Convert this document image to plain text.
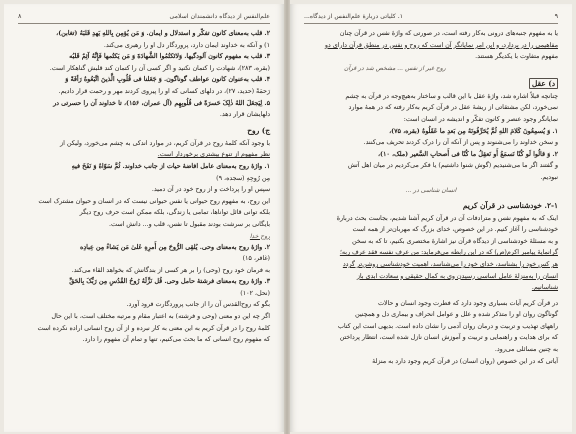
علم‌النفس از دیدگاه دانشمندان اسلامی
٨

۲. قلب به‌معنای کانون تفکّر و استدلال و ایمان. وَ مَن یُؤمِن بِاللهِ یَهدِ قَلبَهُ (تغابن)،

۱) و آنکه به خداوند ایمان دارد، پروردگار دل او را رهبری می‌کند.

۳. قلب به مفهوم کانون آلودگیها. وَلاتَکتُمُوا الشَّهادَةَ وَ مَن یَکتُمها فَإِنَّهُ آثِمٌ قَلبُه

(بقره، ۲۸۳)، شهادت را کتمان نکنید و اگر کسی آن را کتمان کند قلبش گناهکار است.

۴. قلب به‌عنوان کانون عواطف گوناگون. وَ جَعَلنا فی قُلُوبِ الَّذینَ اتَّبَعُوهُ رَأفَةً وَ

رَحمَةً (حدید، ۲۷)، در دلهای کسانی که او را پیروی کردند مهر و رحمت قرار دادیم.

۵. لِیَجعَلَ اللهُ ذٰلِکَ حَسرَةً فی قُلُوبِهِم (آل عمران، ۱۵۶)، تا خداوند آن را حسرتی در

دلهایشان قرار دهد.

ج) روح

با وجود آنکه کلمهٔ روح در قرآن کریم، در موارد اندکی به چشم می‌خورد، ولیکن از

نظر مفهوم از تنوع بیشتری برخوردار است.

۱. واژهٔ روح به‌معنای عامل افاضهٔ حیات از جانب خداوند. ثُمَّ سَوّاهُ وَ نَفَخَ فیهِ

مِن رُوحِهِ (سجده، ۹)

سپس او را پرداخت و از روح خود در آن دمید.

این روح، به مفهوم روح حیوانی یا نفس حیوانی نیست که در انسان و حیوان مشترک است

بلکه توانی قائل تواناها، تمامی یا زندگی، بلکه ممکن است حرف روح دیگر

بایگانی بر سرشت بودند مقبول تا نفس، قلب و... دانش است.

روح خدا

۲. واژهٔ روح به‌معنای وحی. یُلقِی الرُّوحَ مِن أَمرِهِ عَلیٰ مَن یَشاءُ مِن عِبادِه

(غافر، ۱۵)

به فرمان خود روح (وحی) را بر هر کسی از بندگانش که بخواهد القاء می‌کند.

۳. واژهٔ روح به‌معنای فرشتهٔ حامل وحی. قُل نَزَّلَهُ رُوحُ القُدُسِ مِن رَبِّکَ بِالحَقِّ

(نحل، ۱۰۲)

بگو که روح‌القدس آن را از جانب پروردگارت فرود آورد.

اگر چه این دو معنی (وحی و فرشته) به اعتبار مقام و مرتبه مختلف است، با این حال

کلمهٔ روح را در قرآن کریم به این معنی به کار نبرده و از آن روح انسانی اراده نکرده است

که مفهوم روح انسانی که ما بحث می‌کنیم، تنها و تمام آن مفهوم را دارد.

٩
۱. کلیاتی دربارهٔ علم‌النفس از دیدگاه...

یا به مفهوم جنبه‌های درونی به‌کار رفته است، در صورتی که واژهٔ نفس در قرآن چنان

مفاهیمی را در بردارد، و این امر نمایانگر آن است که روح و نفس در منطق قرآن دارای دو

مفهوم متفاوت با یکدیگر هستند.

روح غیر از نفس ... مشخص شد در قرآن

د) عقل

چنانچه قبلاً اشاره شد، واژهٔ عقل با این قالب و ساختار به‌هیچ‌وجه در قرآن به چشم

نمی‌خورد، لکن مشتقاتی از ریشهٔ عقل در قرآن کریم به‌کار رفته که در همهٔ موارد

نمایانگر وجود عنصر و کانون تفکّر و اندیشه در انسان است:

۱. وَ یُسمِعُونَ کَلامَ اللهِ ثُمَّ یُحَرِّفُونَهُ مِن بَعدِ ما عَقَلُوهُ (بقره، ۷۵)،

و سخن خداوند را می‌شنوند و پس از آنکه آن را درک کردند تحریف می‌کنند.

۲. وَ قالُوا لَو کُنّا نَسمَعُ أَو نَعقِلُ ما کُنّا فی أَصحابِ السَّعیر (ملک، ۱۰)،

و گفتند اگر ما می‌شنیدیم (گوش شنوا داشتیم) یا فکر می‌کردیم در میان اهل آتش

نبودیم.

انسان شناسی در ...

۲-۱. خودشناسی در قرآن کریم

اینک که به مفهوم نفس و مترادفات آن در قرآن کریم آشنا شدیم، بجاست بحث دربارهٔ

خودشناسی را آغاز کنیم. در این خصوص، خدای بزرگ که مهربان‌تر از همه است

و به مسئلهٔ خودشناسی از دیدگاه قرآن نیز اشارهٔ مختصری بکنیم، تا که به سخن

گرانمایهٔ پیامبر اکرم(ص) که در این رابطه می‌فرماید: من عرف نفسه فقد عرف ربه؛

هر کس خود را بشناسد، خدای خود را می‌شناسد، اهمیت خودشناسی روشن‌تر گردد

انسان را به‌منزلهٔ عامل اساسی رسیدن وی به کمال حقیقی و سعادت ابدی باز

شناسانیم.

در قرآن کریم آیات بسیاری وجود دارد که فطرت وجود انسان و حالات

گوناگون روان او را متذکر شده و علل و عوامل انحراف و بیماری دل و همچنین

راههای تهذیب و تربیت و درمان روان آدمی را نشان داده است. بدیهی است این کتاب

که برای هدایت و راهنمایی و تربیت و آموزش انسان نازل شده است، انتظار پرداختن

به چنین مسائلی می‌رود.

آیاتی که در این خصوص (روان انسان) در قرآن کریم وجود دارد به منزلهٔ
